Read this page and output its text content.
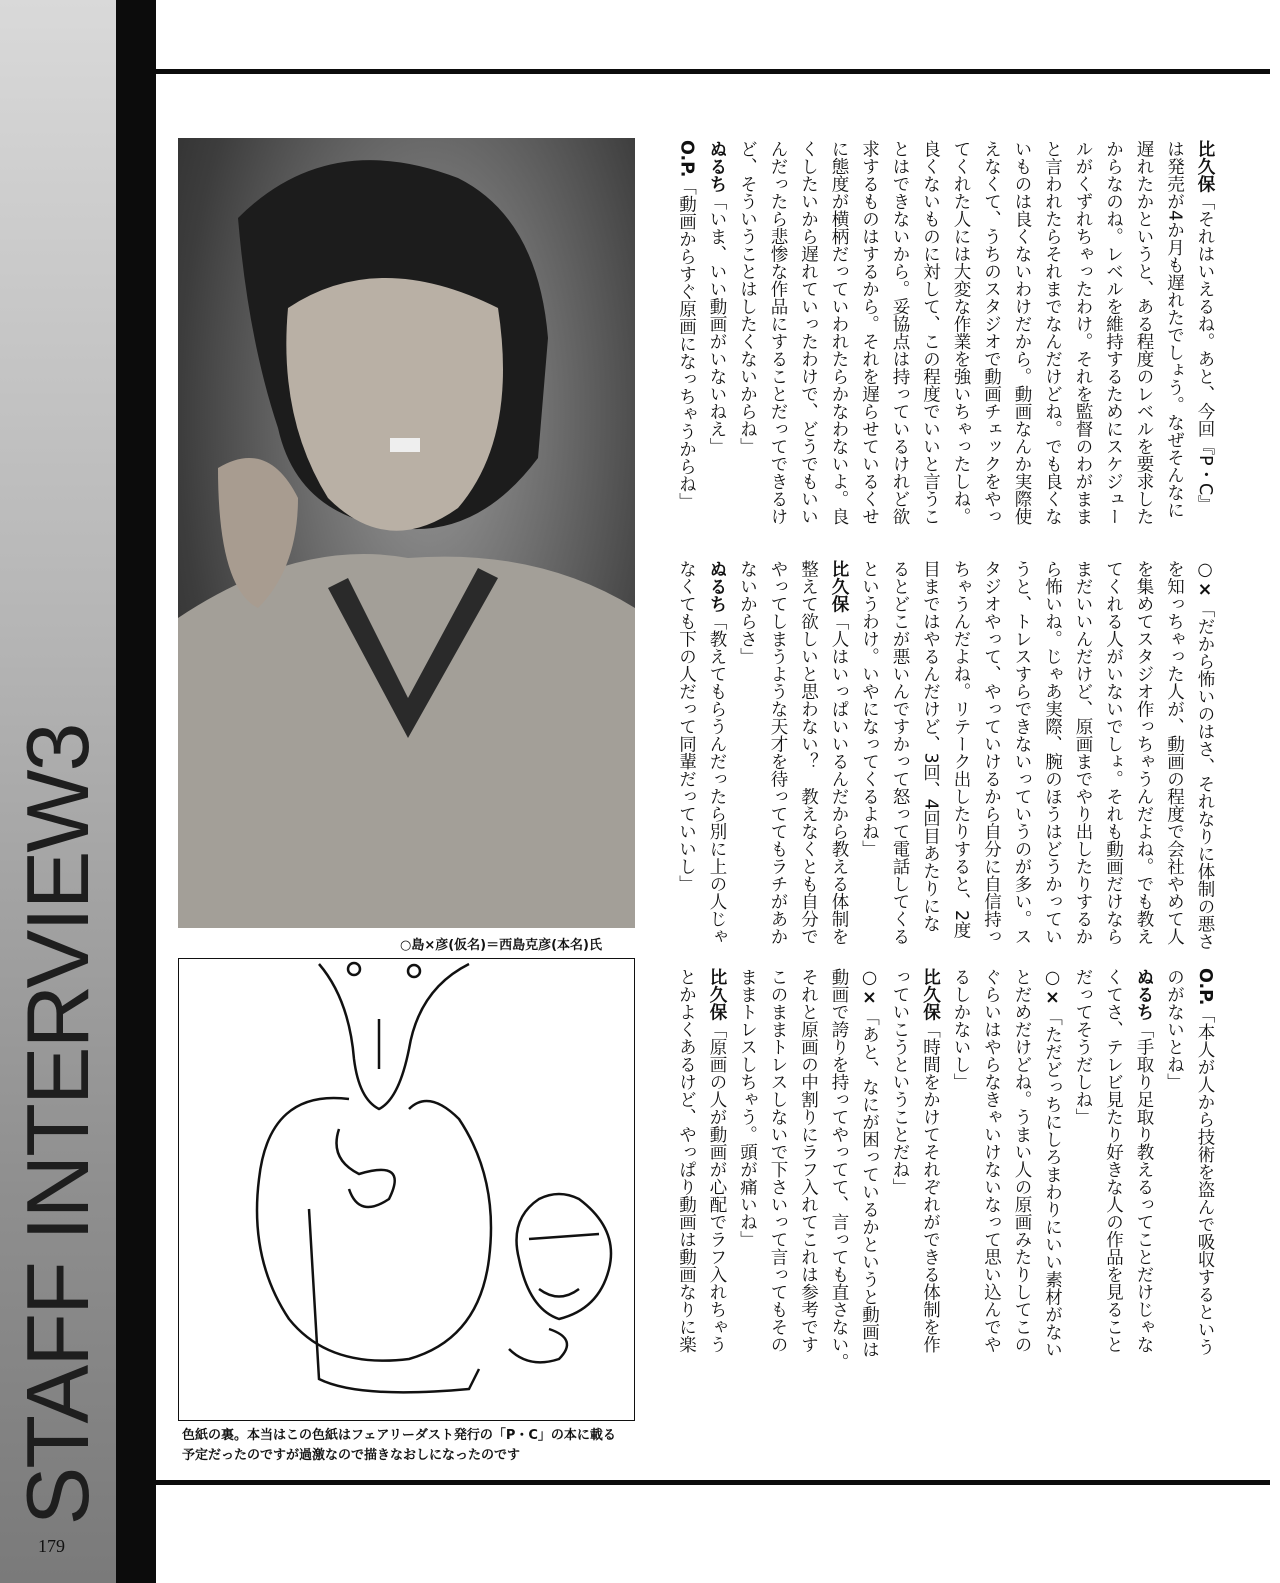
STAFF INTERVIEW3
179
○島×彦(仮名)＝西島克彦(本名)氏
色紙の裏。本当はこの色紙はフェアリーダスト発行の「P・C」の本に載る
予定だったのですが過激なので描きなおしになったのです
比久保「それはいえるね。あと、今回『P・C』
は発売が4か月も遅れたでしょう。なぜそんなに
遅れたかというと、ある程度のレベルを要求した
からなのね。レベルを維持するためにスケジュー
ルがくずれちゃったわけ。それを監督のわがまま
と言われたらそれまでなんだけどね。でも良くな
いものは良くないわけだから。動画なんか実際使
えなくて、うちのスタジオで動画チェックをやっ
てくれた人には大変な作業を強いちゃったしね。
良くないものに対して、この程度でいいと言うこ
とはできないから。妥協点は持っているけれど欲
求するものはするから。それを遅らせているくせ
に態度が横柄だっていわれたらかなわないよ。良
くしたいから遅れていったわけで、どうでもいい
んだったら悲惨な作品にすることだってできるけ
ど、そういうことはしたくないからね」
ぬるち「いま、いい動画がいないねえ」
O.P.「動画からすぐ原画になっちゃうからね」
○×「だから怖いのはさ、それなりに体制の悪さ
を知っちゃった人が、動画の程度で会社やめて人
を集めてスタジオ作っちゃうんだよね。でも教え
てくれる人がいないでしょ。それも動画だけなら
まだいいんだけど、原画までやり出したりするか
ら怖いね。じゃあ実際、腕のほうはどうかってい
うと、トレスすらできないっていうのが多い。ス
タジオやって、やっていけるから自分に自信持っ
ちゃうんだよね。リテーク出したりすると、2度
目まではやるんだけど、3回、4回目あたりにな
るとどこが悪いんですかって怒って電話してくる
というわけ。いやになってくるよね」
比久保「人はいっぱいいるんだから教える体制を
整えて欲しいと思わない？　教えなくとも自分で
やってしまうような天才を待っててもラチがあか
ないからさ」
ぬるち「教えてもらうんだったら別に上の人じゃ
なくても下の人だって同輩だっていいし」
O.P.「本人が人から技術を盗んで吸収するという
のがないとね」
ぬるち「手取り足取り教えるってことだけじゃな
くてさ、テレビ見たり好きな人の作品を見ること
だってそうだしね」
○×「ただどっちにしろまわりにいい素材がない
とだめだけどね。うまい人の原画みたりしてこの
ぐらいはやらなきゃいけないなって思い込んでや
るしかないし」
比久保「時間をかけてそれぞれができる体制を作
っていこうということだね」
○×「あと、なにが困っているかというと動画は
動画で誇りを持ってやってて、言っても直さない。
それと原画の中割りにラフ入れてこれは参考です
このままトレスしないで下さいって言ってもその
ままトレスしちゃう。頭が痛いね」
比久保「原画の人が動画が心配でラフ入れちゃう
とかよくあるけど、やっぱり動画は動画なりに楽
